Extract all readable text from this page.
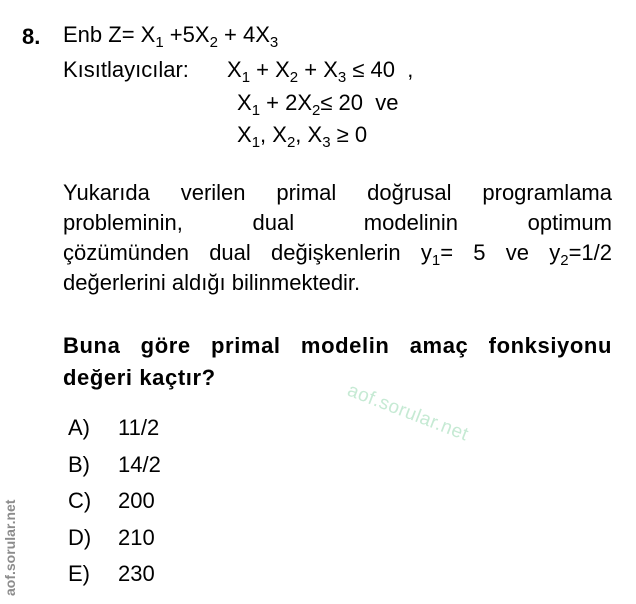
8. Enb $Z= X_1 +5X_2 + 4X_3$
Kısıtlayıcılar: $X_1 + X_2 + X_3 \le 40$  ,
$X_1 + 2X_2\le 20$  ve
$X_1$, $X_2$, $X_3 \ge 0$
Yukarıda verilen primal doğrusal programlama
probleminin, dual modelinin optimum
çözümünden dual değişkenlerin $y_1= 5$ ve $y_2=1/2$
değerlerini aldığı bilinmektedir.
Buna göre primal modelin amaç fonksiyonu
değeri kaçtır?
A)	11/2
B)	14/2
C)	200
D)	210
E)	230
aof.sorular.net
aof.sorular.net
